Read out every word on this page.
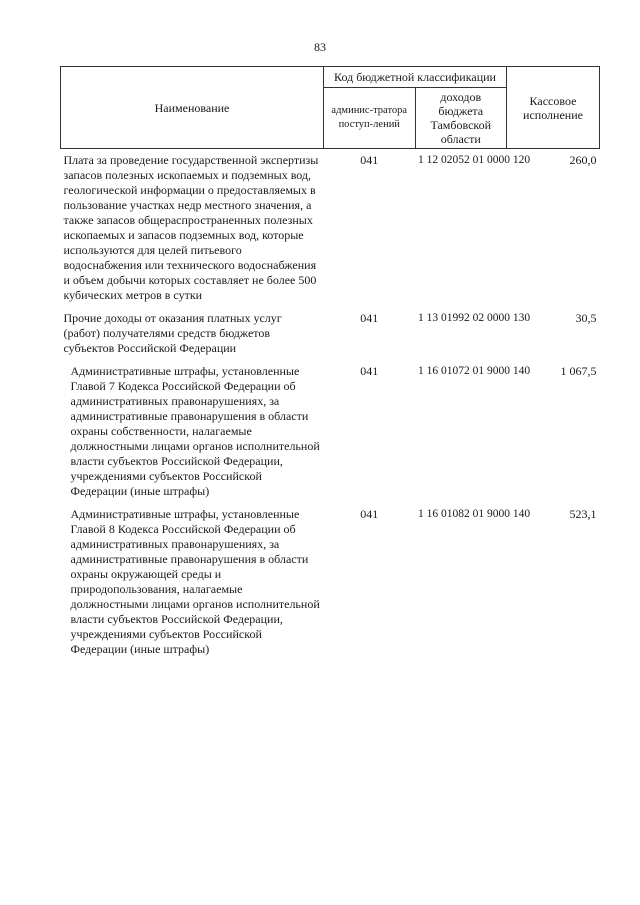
83
Наименование	Код бюджетной классификации		Кассовое исполнение
	админис-тратора поступ-лений	доходов бюджета Тамбовской области	
Плата за проведение государственной экспертизы запасов полезных ископаемых и подземных вод, геологической информации о предоставляемых в пользование участках недр местного значения, а также запасов общераспространенных полезных ископаемых и запасов подземных вод, которые используются для целей питьевого водоснабжения или технического водоснабжения и объем добычи которых составляет не более 500 кубических метров в сутки	041	1 12 02052 01 0000 120	260,0
Прочие доходы от оказания платных услуг (работ) получателями средств бюджетов субъектов Российской Федерации	041	1 13 01992 02 0000 130	30,5
Административные штрафы, установленные Главой 7 Кодекса Российской Федерации об административных правонарушениях, за административные правонарушения в области охраны собственности, налагаемые должностными лицами органов исполнительной власти субъектов Российской Федерации, учреждениями субъектов Российской Федерации (иные штрафы)	041	1 16 01072 01 9000 140	1 067,5
Административные штрафы, установленные Главой 8 Кодекса Российской Федерации об административных правонарушениях, за административные правонарушения в области охраны окружающей среды и природопользования, налагаемые должностными лицами органов исполнительной власти субъектов Российской Федерации, учреждениями субъектов Российской Федерации (иные штрафы)	041	1 16 01082 01 9000 140	523,1
